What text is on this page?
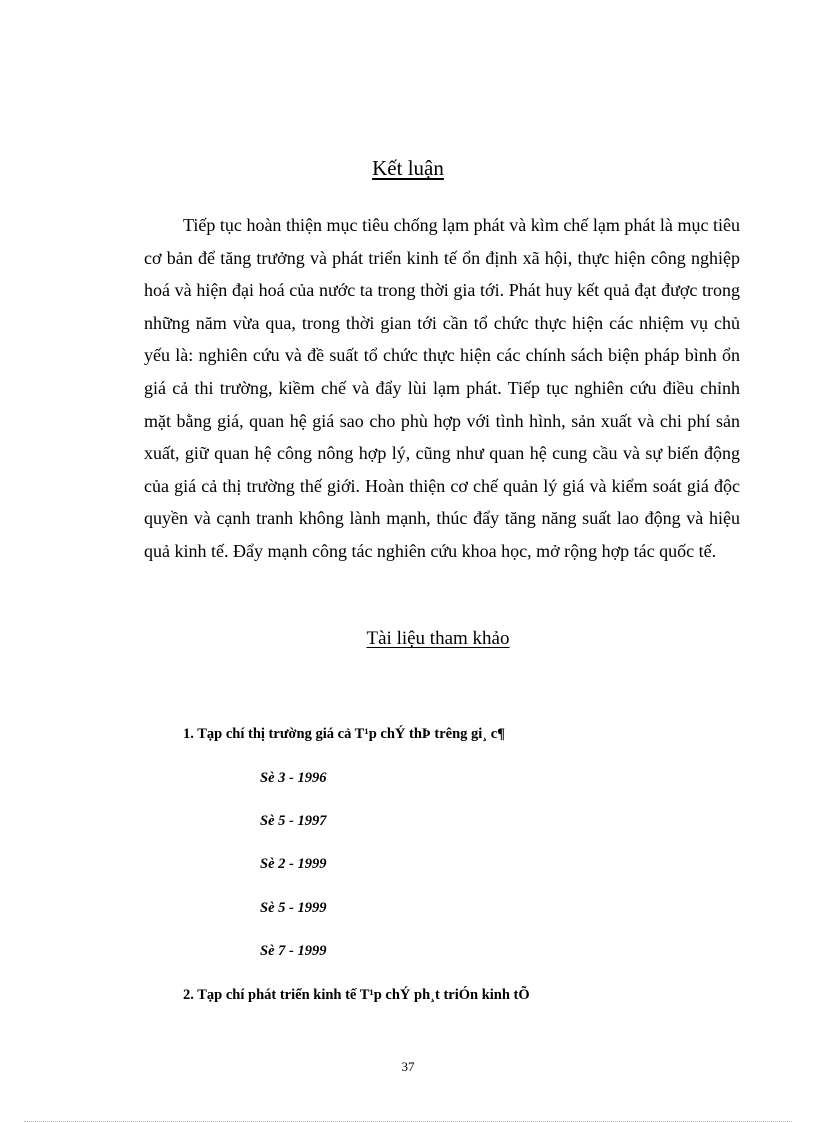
Kết luận

Tiếp tục hoàn thiện mục tiêu chống lạm phát và kìm chế lạm phát là mục tiêu cơ bản để tăng trưởng và phát triển kinh tế ổn định xã hội, thực hiện công nghiệp hoá và hiện đại hoá của nước ta trong thời gia tới. Phát huy kết quả đạt được trong những năm vừa qua, trong thời gian tới cần tổ chức thực hiện các nhiệm vụ chủ yếu là: nghiên cứu và đề suất tổ chức thực hiện các chính sách biện pháp bình ổn giá cả thi trường, kiềm chế và đẩy lùi lạm phát. Tiếp tục nghiên cứu điều chỉnh mặt bằng giá, quan hệ giá sao cho phù hợp với tình hình, sản xuất và chi phí sản xuất, giữ quan hệ công nông hợp lý, cũng như quan hệ cung cầu và sự biến động của giá cả thị trường thế giới. Hoàn thiện cơ chế quản lý giá và kiểm soát giá độc quyền và cạnh tranh không lành mạnh, thúc đẩy tăng năng suất lao động và hiệu quả kinh tế. Đẩy mạnh công tác nghiên cứu khoa học, mở rộng hợp tác quốc tế.

Tài liệu tham khảo
1. Tạp chí thị trường giá cả T¹p chÝ thÞ trêng gi¸ c¶
Sè 3 - 1996
Sè 5 - 1997
Sè 2 - 1999
Sè 5 - 1999
Sè 7 - 1999
2. Tạp chí phát triển kinh tế T¹p chÝ ph¸t triÓn kinh tÕ
37
